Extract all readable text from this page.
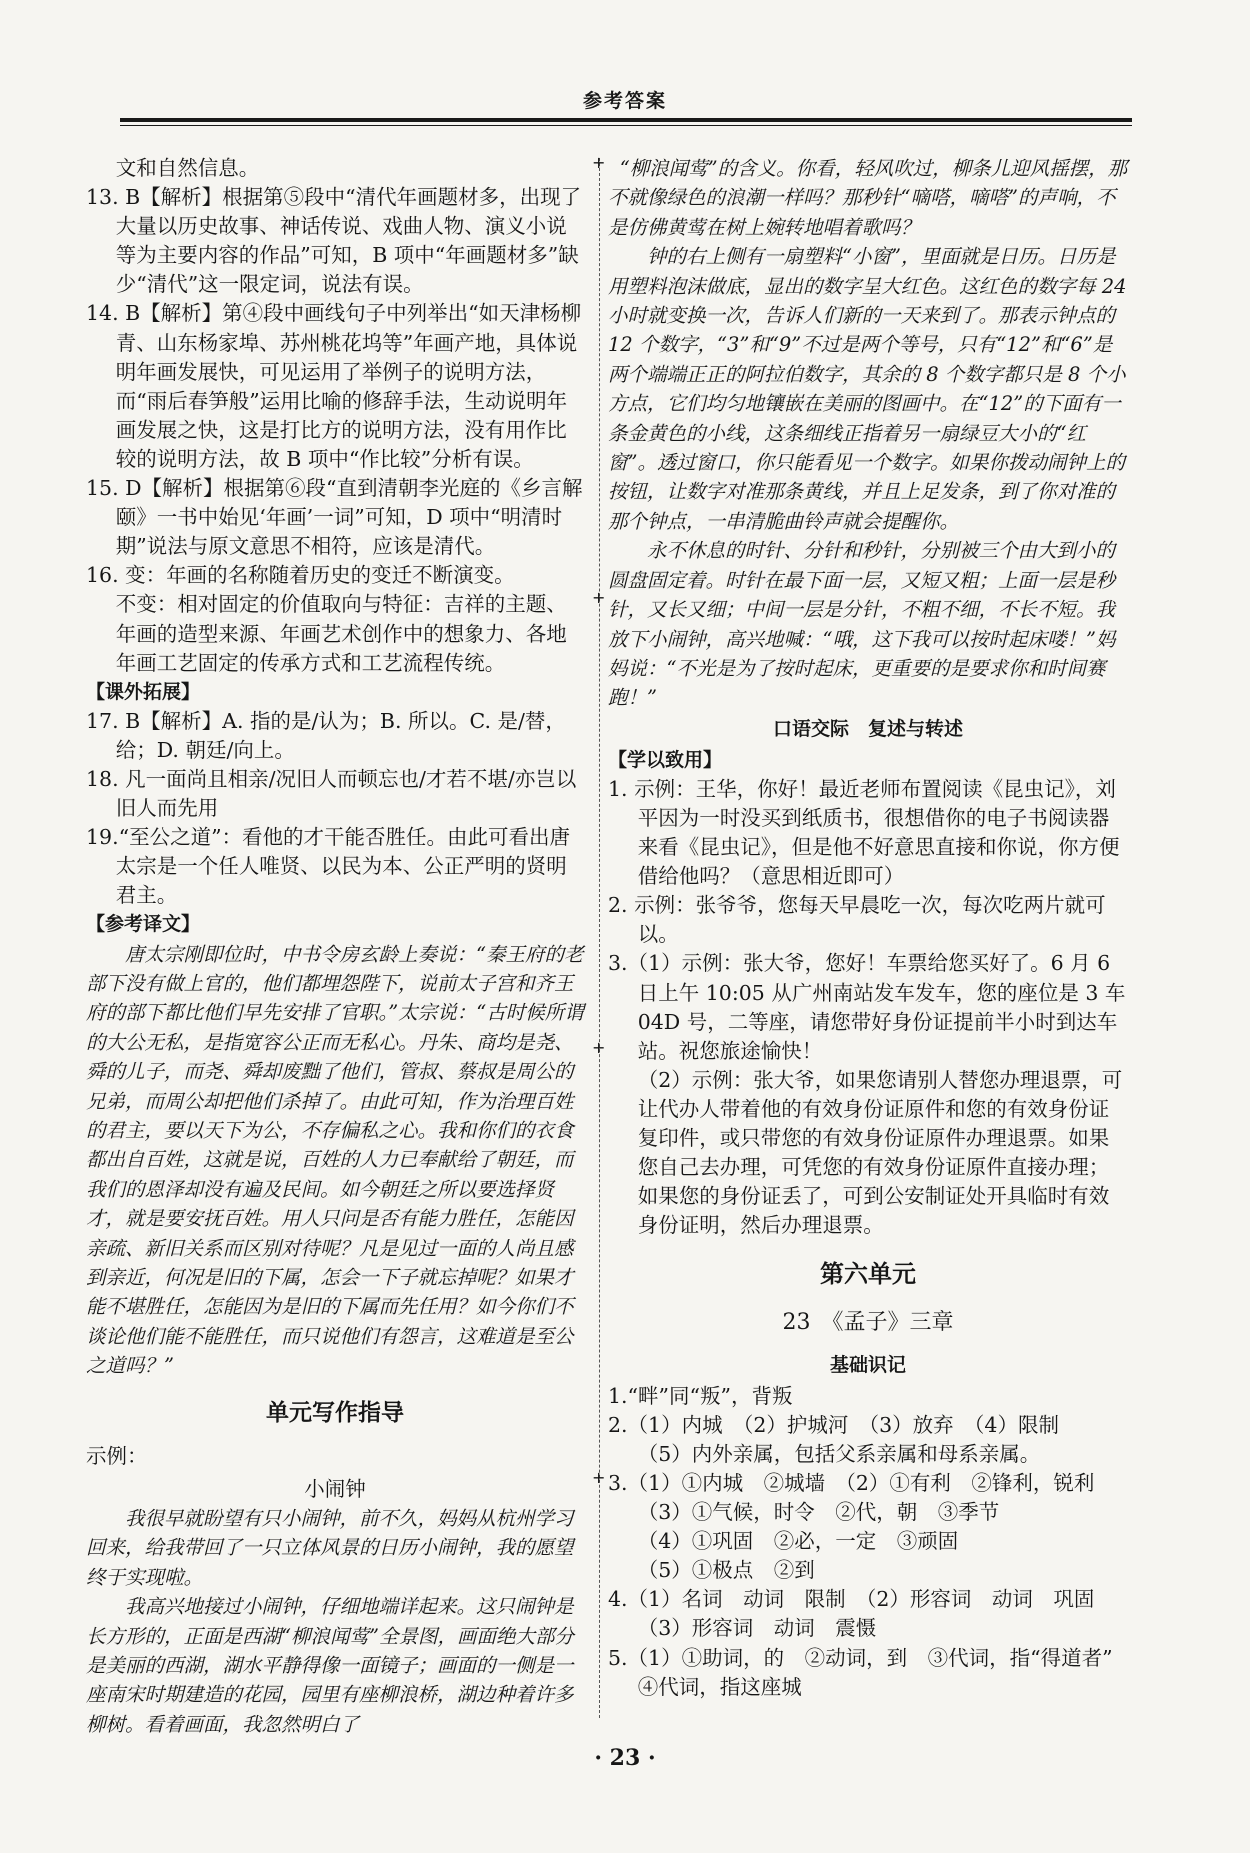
参考答案
+
+
+
+

文和自然信息。

13. B【解析】根据第⑤段中“清代年画题材多，出现了大量以历史故事、神话传说、戏曲人物、演义小说等为主要内容的作品”可知，B 项中“年画题材多”缺少“清代”这一限定词，说法有误。

14. B【解析】第④段中画线句子中列举出“如天津杨柳青、山东杨家埠、苏州桃花坞等”年画产地，具体说明年画发展快，可见运用了举例子的说明方法，而“雨后春笋般”运用比喻的修辞手法，生动说明年画发展之快，这是打比方的说明方法，没有用作比较的说明方法，故 B 项中“作比较”分析有误。

15. D【解析】根据第⑥段“直到清朝李光庭的《乡言解颐》一书中始见‘年画’一词”可知，D 项中“明清时期”说法与原文意思不相符，应该是清代。

16. 变：年画的名称随着历史的变迁不断演变。

不变：相对固定的价值取向与特征：吉祥的主题、年画的造型来源、年画艺术创作中的想象力、各地年画工艺固定的传承方式和工艺流程传统。

【课外拓展】

17. B【解析】A. 指的是/认为；B. 所以。C. 是/替，给；D. 朝廷/向上。

18. 凡一面尚且相亲/况旧人而顿忘也/才若不堪/亦岂以旧人而先用

19.“至公之道”：看他的才干能否胜任。由此可看出唐太宗是一个任人唯贤、以民为本、公正严明的贤明君主。

【参考译文】

唐太宗刚即位时，中书令房玄龄上奏说：“秦王府的老部下没有做上官的，他们都埋怨陛下，说前太子宫和齐王府的部下都比他们早先安排了官职。”太宗说：“古时候所谓的大公无私，是指宽容公正而无私心。丹朱、商均是尧、舜的儿子，而尧、舜却废黜了他们，管叔、蔡叔是周公的兄弟，而周公却把他们杀掉了。由此可知，作为治理百姓的君主，要以天下为公，不存偏私之心。我和你们的衣食都出自百姓，这就是说，百姓的人力已奉献给了朝廷，而我们的恩泽却没有遍及民间。如今朝廷之所以要选择贤才，就是要安抚百姓。用人只问是否有能力胜任，怎能因亲疏、新旧关系而区别对待呢？凡是见过一面的人尚且感到亲近，何况是旧的下属，怎会一下子就忘掉呢？如果才能不堪胜任，怎能因为是旧的下属而先任用？如今你们不谈论他们能不能胜任，而只说他们有怨言，这难道是至公之道吗？”

单元写作指导

示例：

小闹钟

我很早就盼望有只小闹钟，前不久，妈妈从杭州学习回来，给我带回了一只立体风景的日历小闹钟，我的愿望终于实现啦。

我高兴地接过小闹钟，仔细地端详起来。这只闹钟是长方形的，正面是西湖“柳浪闻莺”全景图，画面绝大部分是美丽的西湖，湖水平静得像一面镜子；画面的一侧是一座南宋时期建造的花园，园里有座柳浪桥，湖边种着许多柳树。看着画面，我忽然明白了

“柳浪闻莺”的含义。你看，轻风吹过，柳条儿迎风摇摆，那不就像绿色的浪潮一样吗？那秒针“嘀嗒，嘀嗒”的声响，不是仿佛黄莺在树上婉转地唱着歌吗？

钟的右上侧有一扇塑料“小窗”，里面就是日历。日历是用塑料泡沫做底，显出的数字呈大红色。这红色的数字每 24 小时就变换一次，告诉人们新的一天来到了。那表示钟点的 12 个数字，“3”和“9”不过是两个等号，只有“12”和“6”是两个端端正正的阿拉伯数字，其余的 8 个数字都只是 8 个小方点，它们均匀地镶嵌在美丽的图画中。在“12”的下面有一条金黄色的小线，这条细线正指着另一扇绿豆大小的“红窗”。透过窗口，你只能看见一个数字。如果你拨动闹钟上的按钮，让数字对准那条黄线，并且上足发条，到了你对准的那个钟点，一串清脆曲铃声就会提醒你。

永不休息的时针、分针和秒针，分别被三个由大到小的圆盘固定着。时针在最下面一层，又短又粗；上面一层是秒针，又长又细；中间一层是分针，不粗不细，不长不短。我放下小闹钟，高兴地喊：“哦，这下我可以按时起床喽！”妈妈说：“不光是为了按时起床，更重要的是要求你和时间赛跑！”

口语交际　复述与转述

【学以致用】

1. 示例：王华，你好！最近老师布置阅读《昆虫记》，刘平因为一时没买到纸质书，很想借你的电子书阅读器来看《昆虫记》，但是他不好意思直接和你说，你方便借给他吗？（意思相近即可）

2. 示例：张爷爷，您每天早晨吃一次，每次吃两片就可以。

3.（1）示例：张大爷，您好！车票给您买好了。6 月 6 日上午 10:05 从广州南站发车发车，您的座位是 3 车 04D 号，二等座，请您带好身份证提前半小时到达车站。祝您旅途愉快！

（2）示例：张大爷，如果您请别人替您办理退票，可让代办人带着他的有效身份证原件和您的有效身份证复印件，或只带您的有效身份证原件办理退票。如果您自己去办理，可凭您的有效身份证原件直接办理；如果您的身份证丢了，可到公安制证处开具临时有效身份证明，然后办理退票。

第六单元

23　《孟子》三章

基础识记

1.“畔”同“叛”，背叛

2.（1）内城　（2）护城河　（3）放弃　（4）限制

（5）内外亲属，包括父系亲属和母系亲属。

3.（1）①内城　②城墙　（2）①有利　②锋利，锐利

（3）①气候，时令　②代，朝　③季节

（4）①巩固　②必，一定　③顽固

（5）①极点　②到

4.（1）名词　动词　限制　（2）形容词　动词　巩固

（3）形容词　动词　震慑

5.（1）①助词，的　②动词，到　③代词，指“得道者”

④代词，指这座城

· 23 ·
